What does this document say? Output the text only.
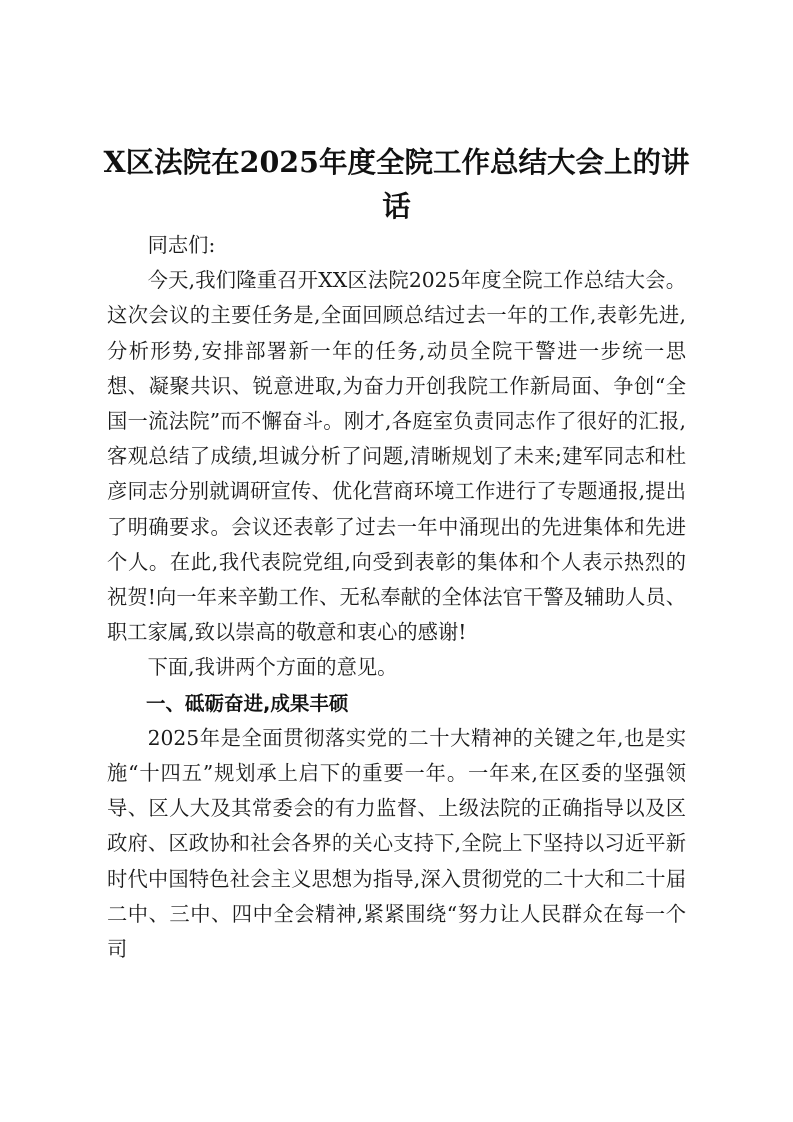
X区法院在2025年度全院工作总结大会上的讲话

同志们:

今天,我们隆重召开XX区法院2025年度全院工作总结大会。这次会议的主要任务是,全面回顾总结过去一年的工作,表彰先进,分析形势,安排部署新一年的任务,动员全院干警进一步统一思想、凝聚共识、锐意进取,为奋力开创我院工作新局面、争创“全国一流法院”而不懈奋斗。刚才,各庭室负责同志作了很好的汇报,客观总结了成绩,坦诚分析了问题,清晰规划了未来;建军同志和杜彦同志分别就调研宣传、优化营商环境工作进行了专题通报,提出了明确要求。会议还表彰了过去一年中涌现出的先进集体和先进个人。在此,我代表院党组,向受到表彰的集体和个人表示热烈的祝贺!向一年来辛勤工作、无私奉献的全体法官干警及辅助人员、职工家属,致以崇高的敬意和衷心的感谢!

下面,我讲两个方面的意见。

一、砥砺奋进,成果丰硕

2025年是全面贯彻落实党的二十大精神的关键之年,也是实施“十四五”规划承上启下的重要一年。一年来,在区委的坚强领导、区人大及其常委会的有力监督、上级法院的正确指导以及区政府、区政协和社会各界的关心支持下,全院上下坚持以习近平新时代中国特色社会主义思想为指导,深入贯彻党的二十大和二十届二中、三中、四中全会精神,紧紧围绕“努力让人民群众在每一个司
